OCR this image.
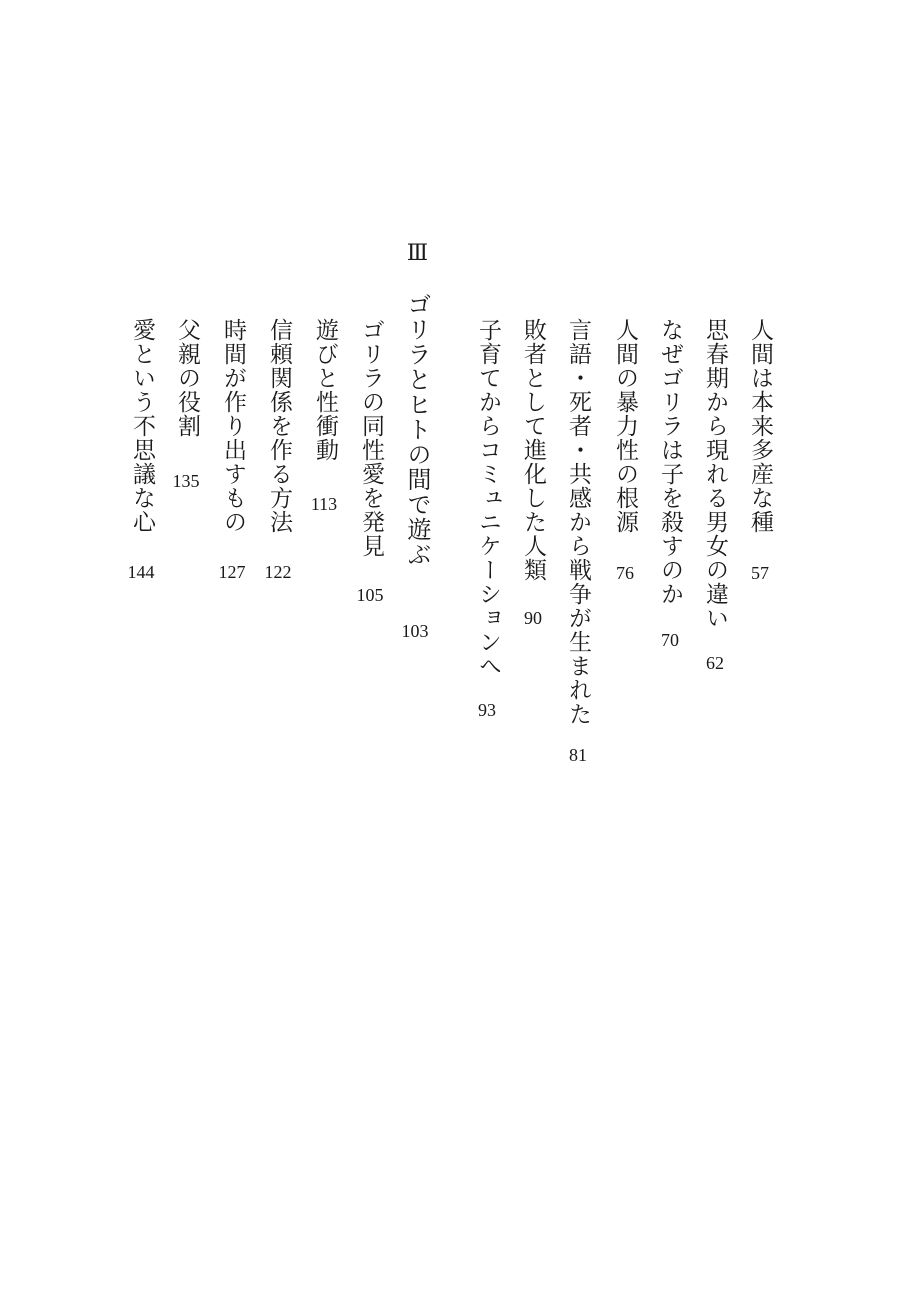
人間は本来多産な種
57
思春期から現れる男女の違い
62
なぜゴリラは子を殺すのか
70
人間の暴力性の根源
76
言語・死者・共感から戦争が生まれた
81
敗者として進化した人類
90
子育てからコミュニケーションへ
93
Ⅲ
ゴリラとヒトの間で遊ぶ
103
ゴリラの同性愛を発見
105
遊びと性衝動
113
信頼関係を作る方法
122
時間が作り出すもの
127
父親の役割
135
愛という不思議な心
144
